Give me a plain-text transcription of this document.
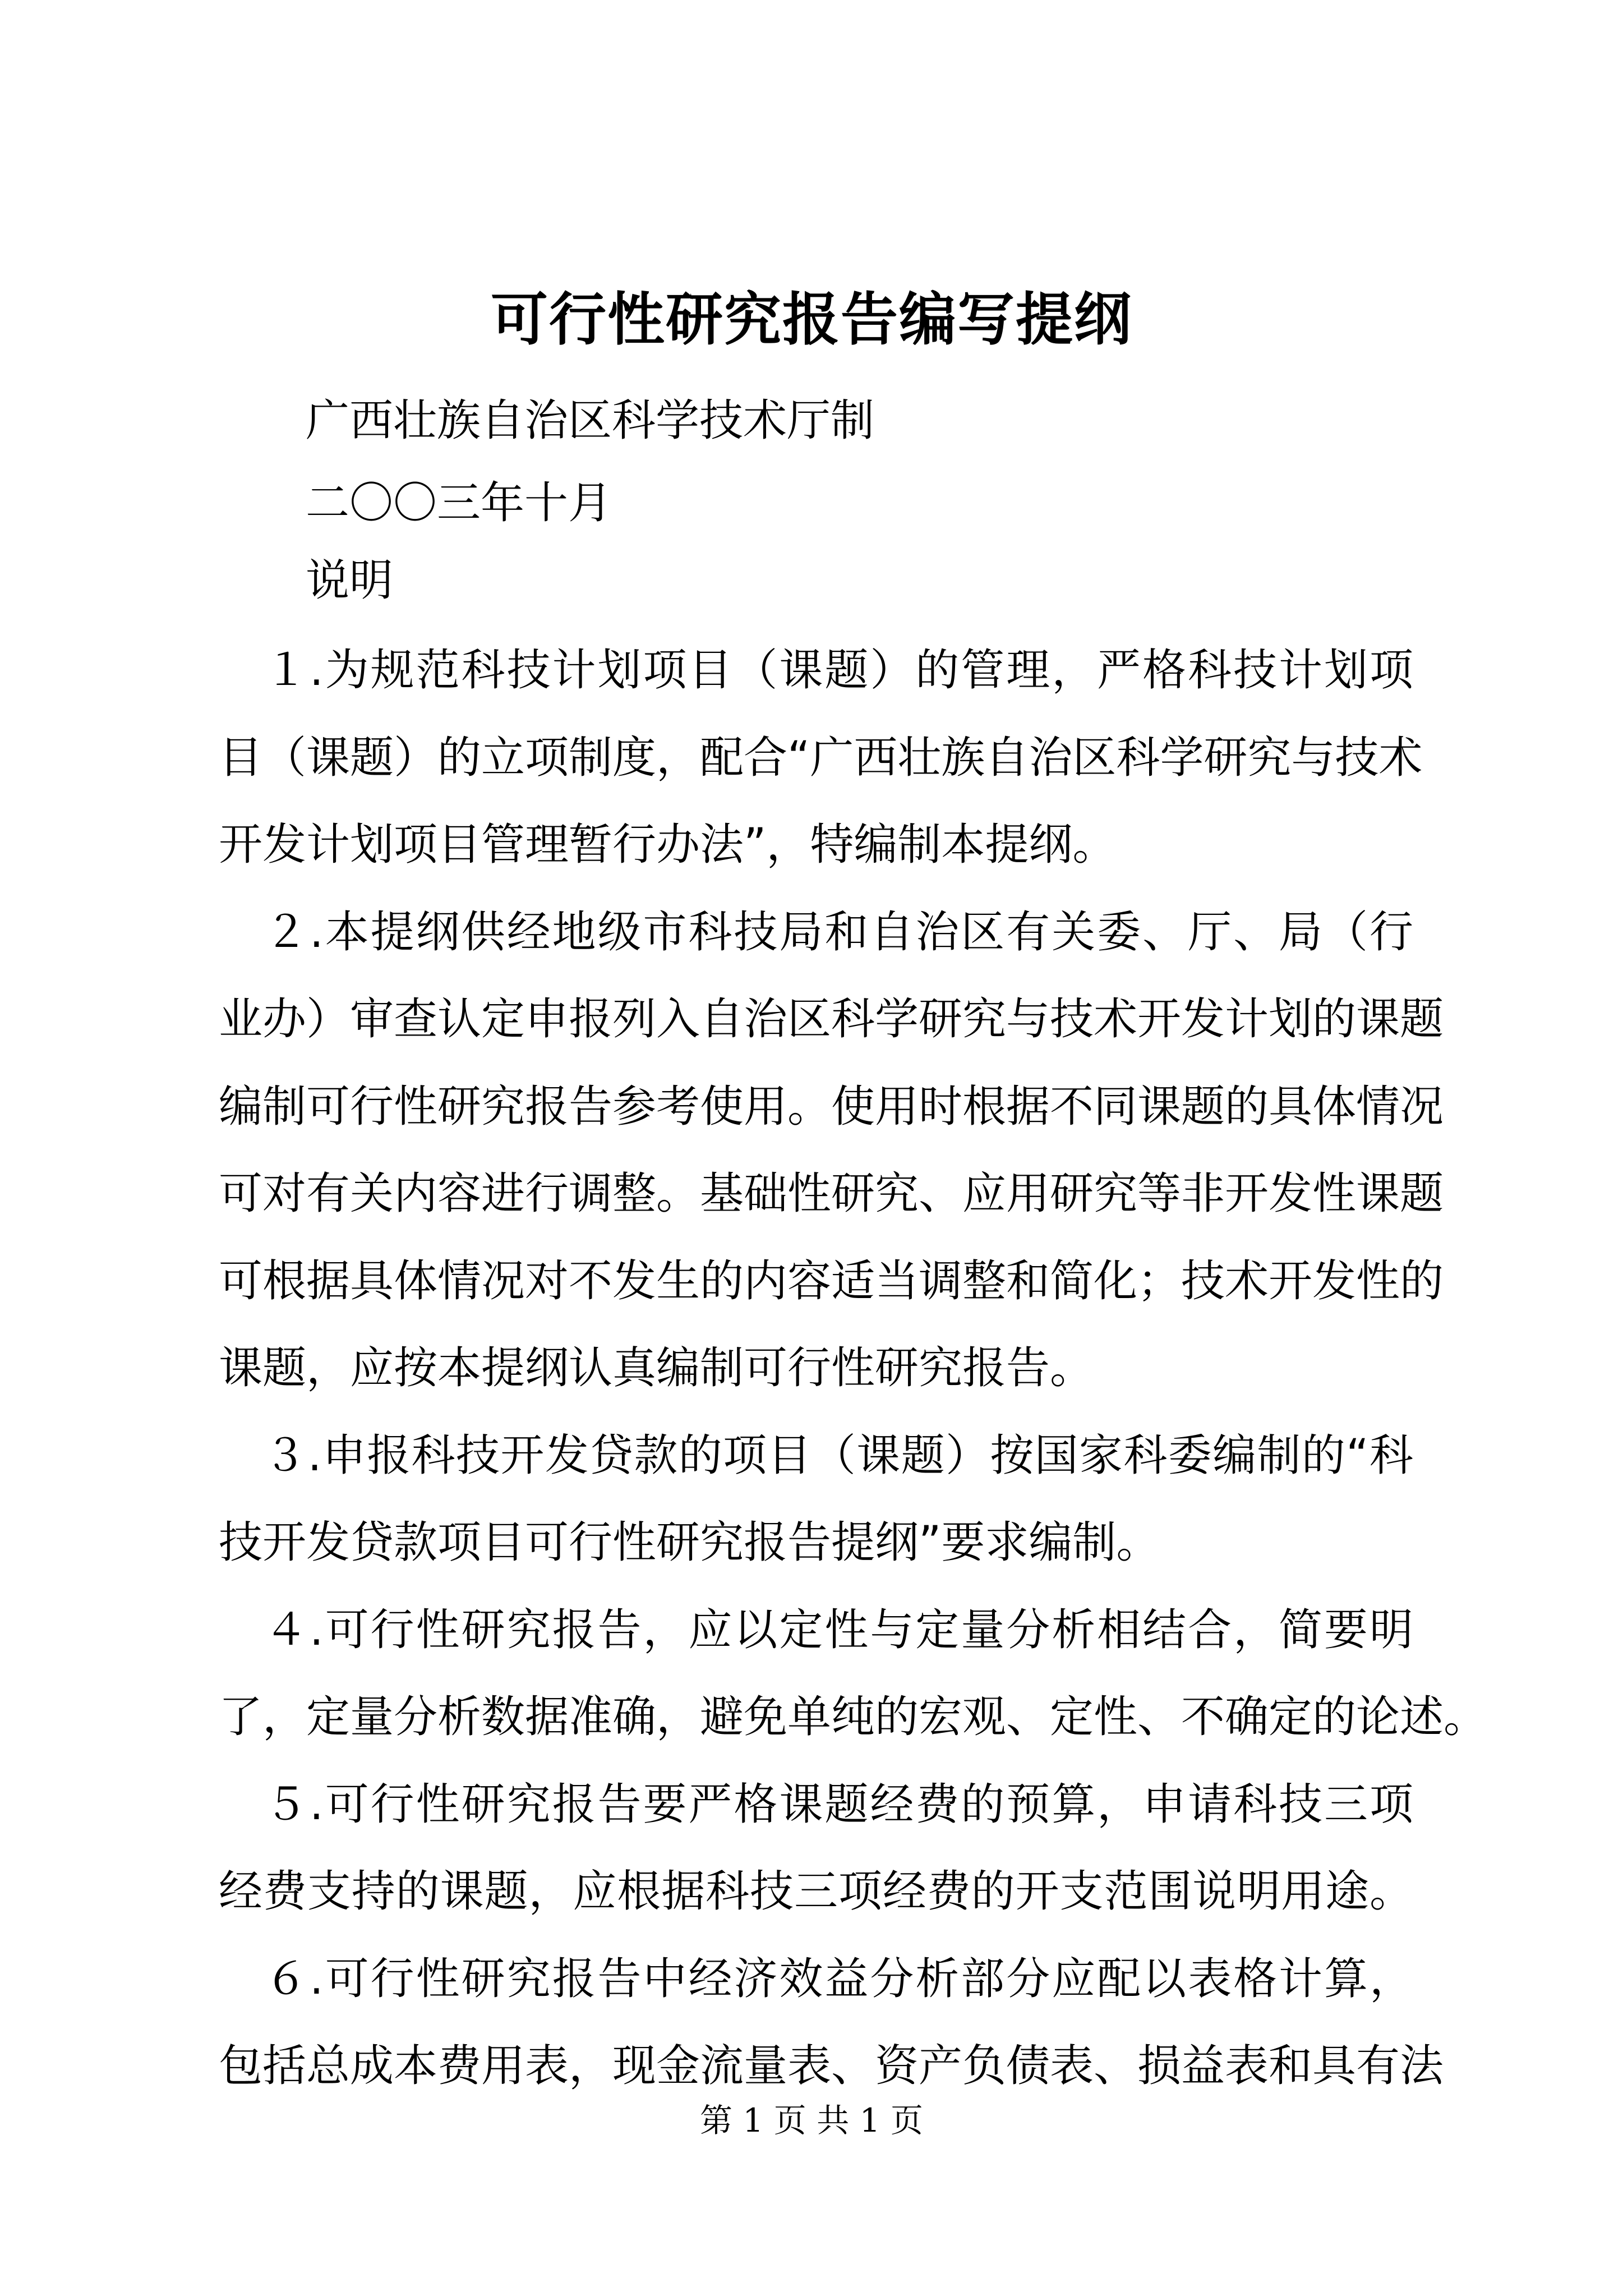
可行性研究报告编写提纲
广西壮族自治区科学技术厅制
二〇〇三年十月
说明

　１.为规范科技计划项目（课题）的管理，严格科技计划项
目（课题）的立项制度，配合“广西壮族自治区科学研究与技术
开发计划项目管理暂行办法”，特编制本提纲。

　２.本提纲供经地级市科技局和自治区有关委、厅、局（行
业办）审查认定申报列入自治区科学研究与技术开发计划的课题
编制可行性研究报告参考使用。使用时根据不同课题的具体情况
可对有关内容进行调整。基础性研究、应用研究等非开发性课题
可根据具体情况对不发生的内容适当调整和简化；技术开发性的
课题，应按本提纲认真编制可行性研究报告。

　３.申报科技开发贷款的项目（课题）按国家科委编制的“科
技开发贷款项目可行性研究报告提纲”要求编制。

　４.可行性研究报告，应以定性与定量分析相结合，简要明
了，定量分析数据准确，避免单纯的宏观、定性、不确定的论述。

　５.可行性研究报告要严格课题经费的预算，申请科技三项
经费支持的课题，应根据科技三项经费的开支范围说明用途。

　６.可行性研究报告中经济效益分析部分应配以表格计算，
包括总成本费用表，现金流量表、资产负债表、损益表和具有法

第 1 页 共 1 页
